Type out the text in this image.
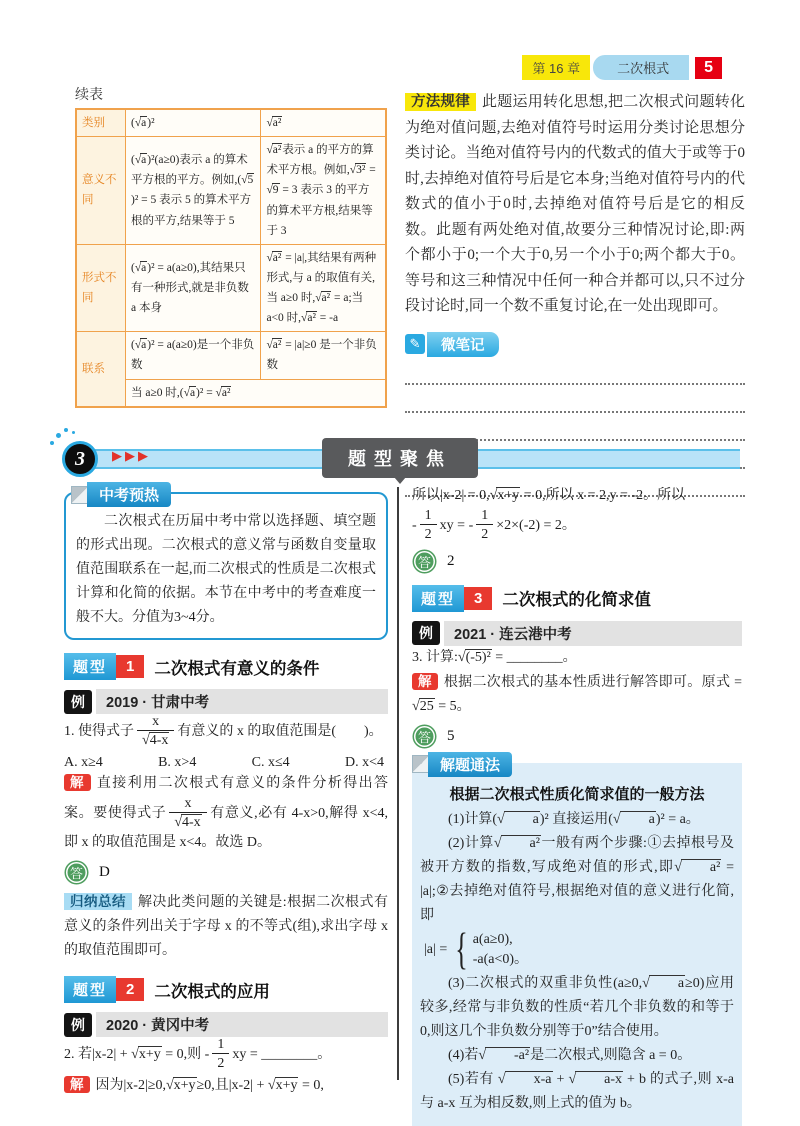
第 16 章	二次根式	5
续表
类别	(√a)²	√a²
意义不同	(√a)²(a≥0)表示 a 的算术平方根的平方。例如,(√5)² = 5 表示 5 的算术平方根的平方,结果等于 5	√a²表示 a 的平方的算术平方根。例如,√3² = √9 = 3 表示 3 的平方的算术平方根,结果等于 3
形式不同	(√a)² = a(a≥0),其结果只有一种形式,就是非负数 a 本身	√a² = |a|,其结果有两种形式,与 a 的取值有关,当 a≥0 时,√a² = a;当 a<0 时,√a² = -a
联系	(√a)² = a(a≥0)是一个非负数	√a² = |a|≥0 是一个非负数
	当 a≥0 时,(√a)² = √a²	

方法规律 此题运用转化思想,把二次根式问题转化为绝对值问题,去绝对值符号时运用分类讨论思想分类讨论。当绝对值符号内的代数式的值大于或等于0时,去掉绝对值符号后是它本身;当绝对值符号内的代数式的值小于0时,去掉绝对值符号后是它的相反数。此题有两处绝对值,故要分三种情况讨论,即:两个都小于0;一个大于0,另一个小于0;两个都大于0。等号和这三种情况中任何一种合并都可以,只不过分段讨论时,同一个数不重复讨论,在一处出现即可。

✎	微笔记
3	▶▶▶	题型聚焦
中考预热

二次根式在历届中考中常以选择题、填空题的形式出现。二次根式的意义常与函数自变量取值范围联系在一起,而二次根式的性质是二次根式计算和化简的依据。本节在中考中的考查难度一般不大。分值为3~4分。

题型	1	二次根式有意义的条件
例	2019 · 甘肃中考

1. 使得式子 $\frac{x}{√4-x}$ 有意义的 x 的取值范围是(　　)。

A. x≥4	B. x>4	C. x≤4	D. x<4

解 直接利用二次根式有意义的条件分析得出答案。要使得式子 $\frac{x}{√4-x}$ 有意义,必有 4-x>0,解得 x<4,即 x 的取值范围是 x<4。故选 D。

答 D

归纳总结 解决此类问题的关键是:根据二次根式有意义的条件列出关于字母 x 的不等式(组),求出字母 x 的取值范围即可。

题型	2	二次根式的应用
例	2020 · 黄冈中考

2. 若|x-2| + √x+y = 0,则 - $\frac{1}{2}$ xy = ________。

解 因为|x-2|≥0,√x+y≥0,且|x-2| + √x+y = 0,

所以|x-2| = 0,√x+y = 0,所以 x = 2,y = -2。所以
- $\frac{1}{2}$ xy = - $\frac{1}{2} \times 2\times(-2) = 2$。

答 2
题型	3	二次根式的化简求值
例	2021 · 连云港中考

3. 计算:√(-5)² = ________。

解 根据二次根式的基本性质进行解答即可。原式 = √25 = 5。

答 5
解题通法
根据二次根式性质化简求值的一般方法

(1)计算(√ a)² 直接运用(√ a)² = a。

(2)计算√ a²一般有两个步骤:①去掉根号及被开方数的指数,写成绝对值的形式,即√ a² = |a|;②去掉绝对值符号,根据绝对值的意义进行化简,即

|a| = { a(a≥0),
-a(a<0)。

(3)二次根式的双重非负性(a≥0,√ a≥0)应用较多,经常与非负数的性质“若几个非负数的和等于0,则这几个非负数分别等于0”结合使用。

(4)若√ -a²是二次根式,则隐含 a = 0。

(5)若有 √ x-a + √ a-x + b 的式子,则 x-a 与 a-x 互为相反数,则上式的值为 b。
